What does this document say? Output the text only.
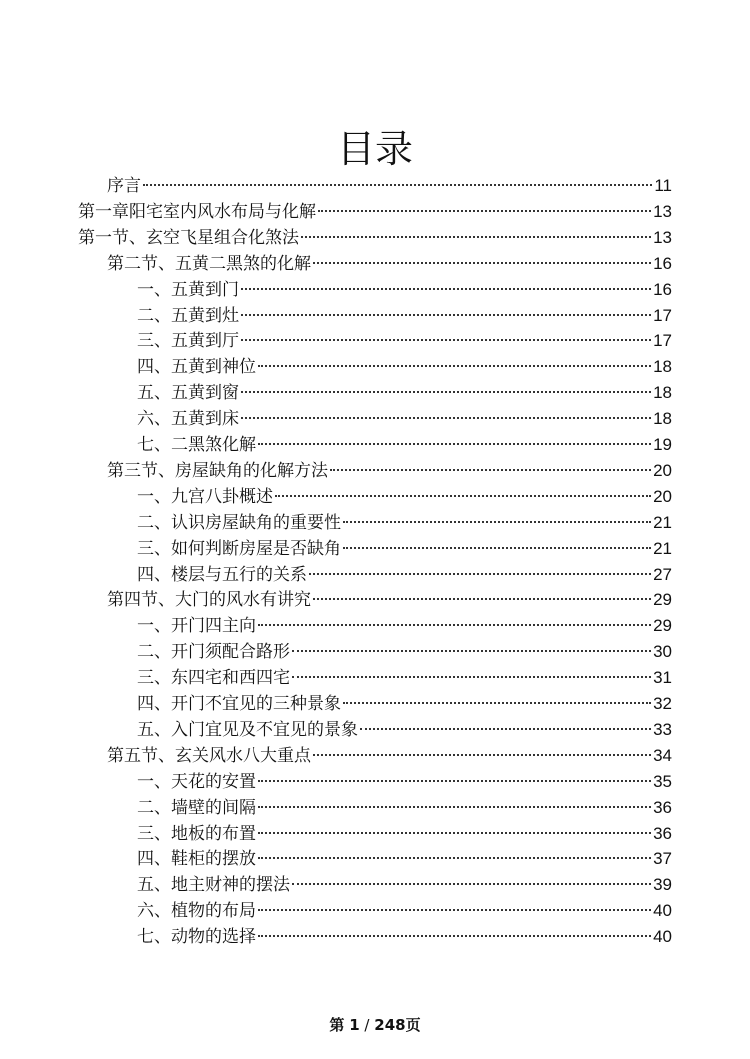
目录
序言	11
第一章阳宅室内风水布局与化解	13
第一节、玄空飞星组合化煞法	13
第二节、五黄二黑煞的化解	16
一、五黄到门	16
二、五黄到灶	17
三、五黄到厅	17
四、五黄到神位	18
五、五黄到窗	18
六、五黄到床	18
七、二黑煞化解	19
第三节、房屋缺角的化解方法	20
一、九宫八卦概述	20
二、认识房屋缺角的重要性	21
三、如何判断房屋是否缺角	21
四、楼层与五行的关系	27
第四节、大门的风水有讲究	29
一、开门四主向	29
二、开门须配合路形	30
三、东四宅和西四宅	31
四、开门不宜见的三种景象	32
五、入门宜见及不宜见的景象	33
第五节、玄关风水八大重点	34
一、天花的安置	35
二、墙壁的间隔	36
三、地板的布置	36
四、鞋柜的摆放	37
五、地主财神的摆法	39
六、植物的布局	40
七、动物的选择	40
第 1 / 248页
